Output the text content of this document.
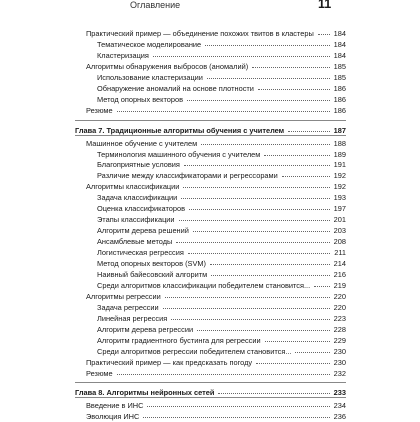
Оглавление	11
Практический пример — объединение похожих твитов в кластеры	184
Тематическое моделирование	184
Кластеризация	184
Алгоритмы обнаружения выбросов (аномалий)	185
Использование кластеризации	185
Обнаружение аномалий на основе плотности	186
Метод опорных векторов	186
Резюме	186
Глава 7. Традиционные алгоритмы обучения с учителем	187
Машинное обучение с учителем	188
Терминология машинного обучения с учителем	189
Благоприятные условия	191
Различие между классификаторами и регрессорами	192
Алгоритмы классификации	192
Задача классификации	193
Оценка классификаторов	197
Этапы классификации	201
Алгоритм дерева решений	203
Ансамблевые методы	208
Логистическая регрессия	211
Метод опорных векторов (SVM)	214
Наивный байесовский алгоритм	216
Среди алгоритмов классификации победителем становится...	219
Алгоритмы регрессии	220
Задача регрессии	220
Линейная регрессия	223
Алгоритм дерева регрессии	228
Алгоритм градиентного бустинга для регрессии	229
Среди алгоритмов регрессии победителем становится...	230
Практический пример — как предсказать погоду	230
Резюме	232
Глава 8. Алгоритмы нейронных сетей	233
Введение в ИНС	234
Эволюция ИНС	236
